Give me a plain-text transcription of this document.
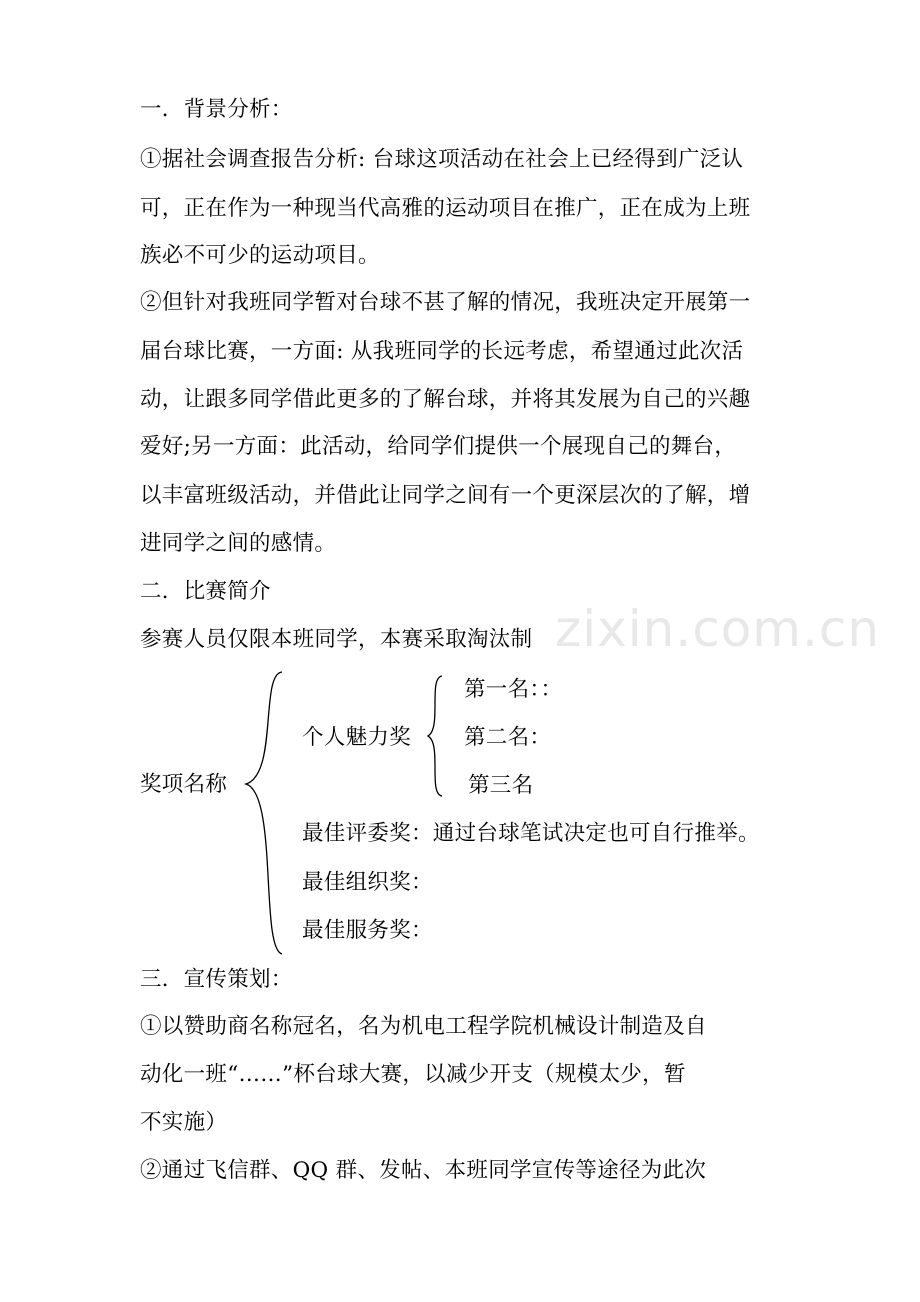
zixin.com.cn
一．背景分析：
①据社会调查报告分析: 台球这项活动在社会上已经得到广泛认
可，正在作为一种现当代高雅的运动项目在推广，正在成为上班
族必不可少的运动项目。
②但针对我班同学暂对台球不甚了解的情况，我班决定开展第一
届台球比赛，一方面: 从我班同学的长远考虑，希望通过此次活
动，让跟多同学借此更多的了解台球，并将其发展为自己的兴趣
爱好;另一方面：此活动，给同学们提供一个展现自己的舞台，
以丰富班级活动，并借此让同学之间有一个更深层次的了解，增
进同学之间的感情。
二．比赛简介
参赛人员仅限本班同学，本赛采取淘汰制
奖项名称
个人魅力奖
第一名：：
第二名：
第三名
最佳评委奖：通过台球笔试决定也可自行推举。
最佳组织奖：
最佳服务奖：
三．宣传策划：
①以赞助商名称冠名，名为机电工程学院机械设计制造及自
动化一班“……”杯台球大赛，以减少开支（规模太少，暂
不实施）
②通过飞信群、QQ 群、发帖、本班同学宣传等途径为此次
